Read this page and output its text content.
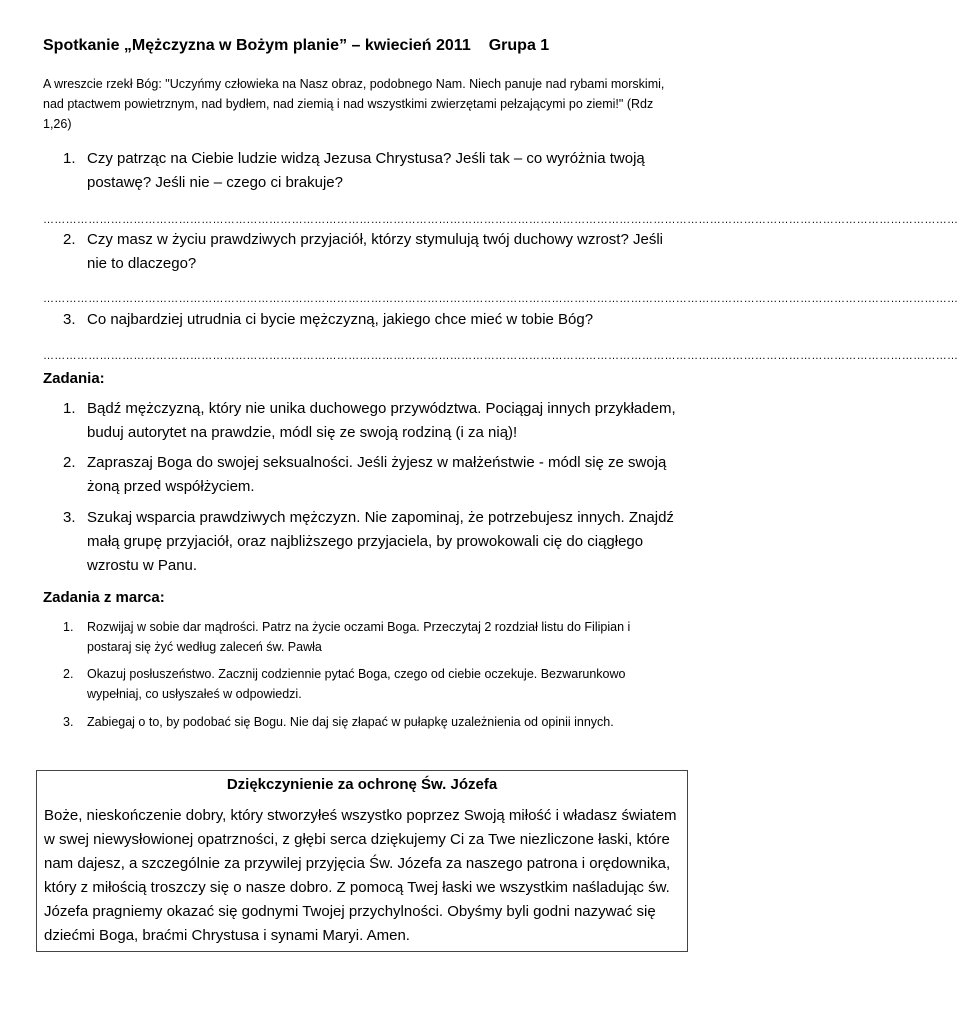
Spotkanie „Mężczyzna w Bożym planie” – kwiecień 2011 Grupa 1
A wreszcie rzekł Bóg: "Uczyńmy człowieka na Nasz obraz, podobnego Nam. Niech panuje nad rybami morskimi, nad ptactwem powietrznym, nad bydłem, nad ziemią i nad wszystkimi zwierzętami pełzającymi po ziemi!" (Rdz 1,26)
1. Czy patrząc na Ciebie ludzie widzą Jezusa Chrystusa? Jeśli tak – co wyróżnia twoją postawę? Jeśli nie – czego ci brakuje?
………………………………………………………………………………………………………………………………………………………………………………………………………………………
2. Czy masz w życiu prawdziwych przyjaciół, którzy stymulują twój duchowy wzrost? Jeśli nie to dlaczego?
………………………………………………………………………………………………………………………………………………………………………………………………………………………
3. Co najbardziej utrudnia ci bycie mężczyzną, jakiego chce mieć w tobie Bóg?
………………………………………………………………………………………………………………………………………………………………………………………………………………………
Zadania:
1. Bądź mężczyzną, który nie unika duchowego przywództwa. Pociągaj innych przykładem, buduj autorytet na prawdzie, módl się ze swoją rodziną (i za nią)!
2. Zapraszaj Boga do swojej seksualności. Jeśli żyjesz w małżeństwie - módl się ze swoją żoną przed współżyciem.
3. Szukaj wsparcia prawdziwych mężczyzn. Nie zapominaj, że potrzebujesz innych. Znajdź małą grupę przyjaciół, oraz najbliższego przyjaciela, by prowokowali cię do ciągłego wzrostu w Panu.
Zadania z marca:
1.	Rozwijaj w sobie dar mądrości. Patrz na życie oczami Boga. Przeczytaj 2 rozdział listu do Filipian i postaraj się żyć według zaleceń św. Pawła
2.	Okazuj posłuszeństwo. Zacznij codziennie pytać Boga, czego od ciebie oczekuje. Bezwarunkowo wypełniaj, co usłyszałeś w odpowiedzi.
3.	Zabiegaj o to, by podobać się Bogu. Nie daj się złapać w pułapkę uzależnienia od opinii innych.
Dziękczynienie za ochronę Św. Józefa
Boże, nieskończenie dobry, który stworzyłeś wszystko poprzez Swoją miłość i władasz światem w swej niewysłowionej opatrzności, z głębi serca dziękujemy Ci za Twe niezliczone łaski, które nam dajesz, a szczególnie za przywilej przyjęcia Św. Józefa za naszego patrona i orędownika, który z miłością troszczy się o nasze dobro. Z pomocą Twej łaski we wszystkim naśladując św. Józefa pragniemy okazać się godnymi Twojej przychylności. Obyśmy byli godni nazywać się dziećmi Boga, braćmi Chrystusa i synami Maryi. Amen.
